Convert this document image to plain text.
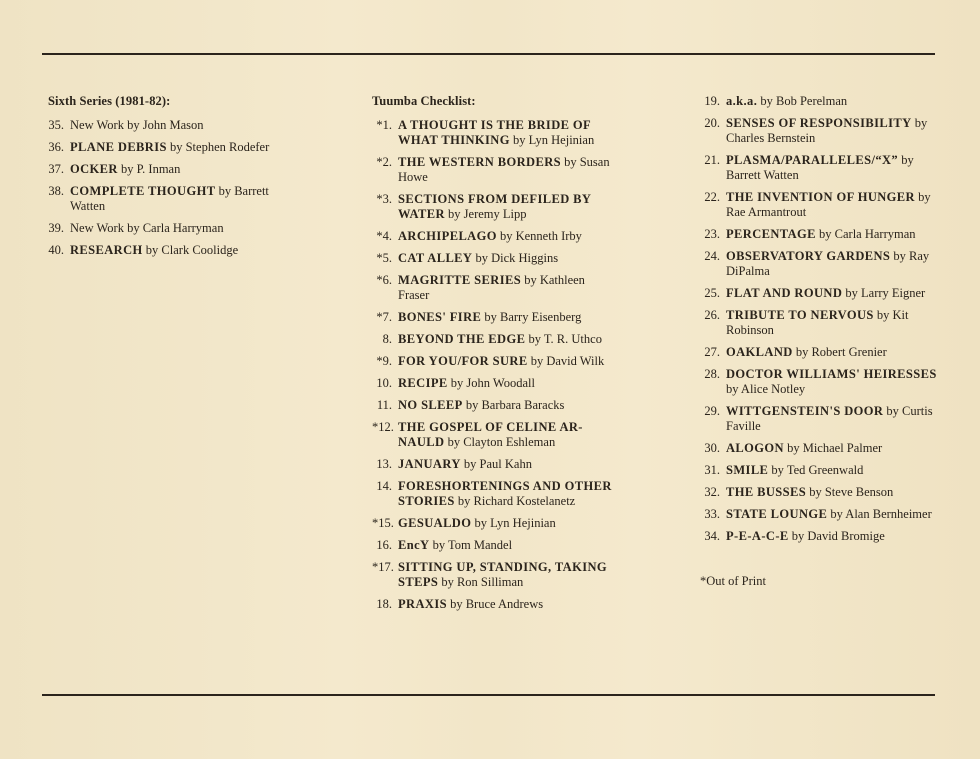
Sixth Series (1981-82):
35. New Work by John Mason
36. PLANE DEBRIS by Stephen Rodefer
37. OCKER by P. Inman
38. COMPLETE THOUGHT by Barrett Watten
39. New Work by Carla Harryman
40. RESEARCH by Clark Coolidge
Tuumba Checklist:
*1. A THOUGHT IS THE BRIDE OF WHAT THINKING by Lyn Hejinian
*2. THE WESTERN BORDERS by Susan Howe
*3. SECTIONS FROM DEFILED BY WATER by Jeremy Lipp
*4. ARCHIPELAGO by Kenneth Irby
*5. CAT ALLEY by Dick Higgins
*6. MAGRITTE SERIES by Kathleen Fraser
*7. BONES' FIRE by Barry Eisenberg
8. BEYOND THE EDGE by T. R. Uthco
*9. FOR YOU/FOR SURE by David Wilk
10. RECIPE by John Woodall
11. NO SLEEP by Barbara Baracks
*12. THE GOSPEL OF CELINE AR-NAULD by Clayton Eshleman
13. JANUARY by Paul Kahn
14. FORESHORTENINGS AND OTHER STORIES by Richard Kostelanetz
*15. GESUALDO by Lyn Hejinian
16. EncY by Tom Mandel
*17. SITTING UP, STANDING, TAKING STEPS by Ron Silliman
18. PRAXIS by Bruce Andrews
19. a.k.a. by Bob Perelman
20. SENSES OF RESPONSIBILITY by Charles Bernstein
21. PLASMA/PARALLELES/“X” by Barrett Watten
22. THE INVENTION OF HUNGER by Rae Armantrout
23. PERCENTAGE by Carla Harryman
24. OBSERVATORY GARDENS by Ray DiPalma
25. FLAT AND ROUND by Larry Eigner
26. TRIBUTE TO NERVOUS by Kit Robinson
27. OAKLAND by Robert Grenier
28. DOCTOR WILLIAMS' HEIRESSES by Alice Notley
29. WITTGENSTEIN'S DOOR by Curtis Faville
30. ALOGON by Michael Palmer
31. SMILE by Ted Greenwald
32. THE BUSSES by Steve Benson
33. STATE LOUNGE by Alan Bernheimer
34. P-E-A-C-E by David Bromige
*Out of Print
